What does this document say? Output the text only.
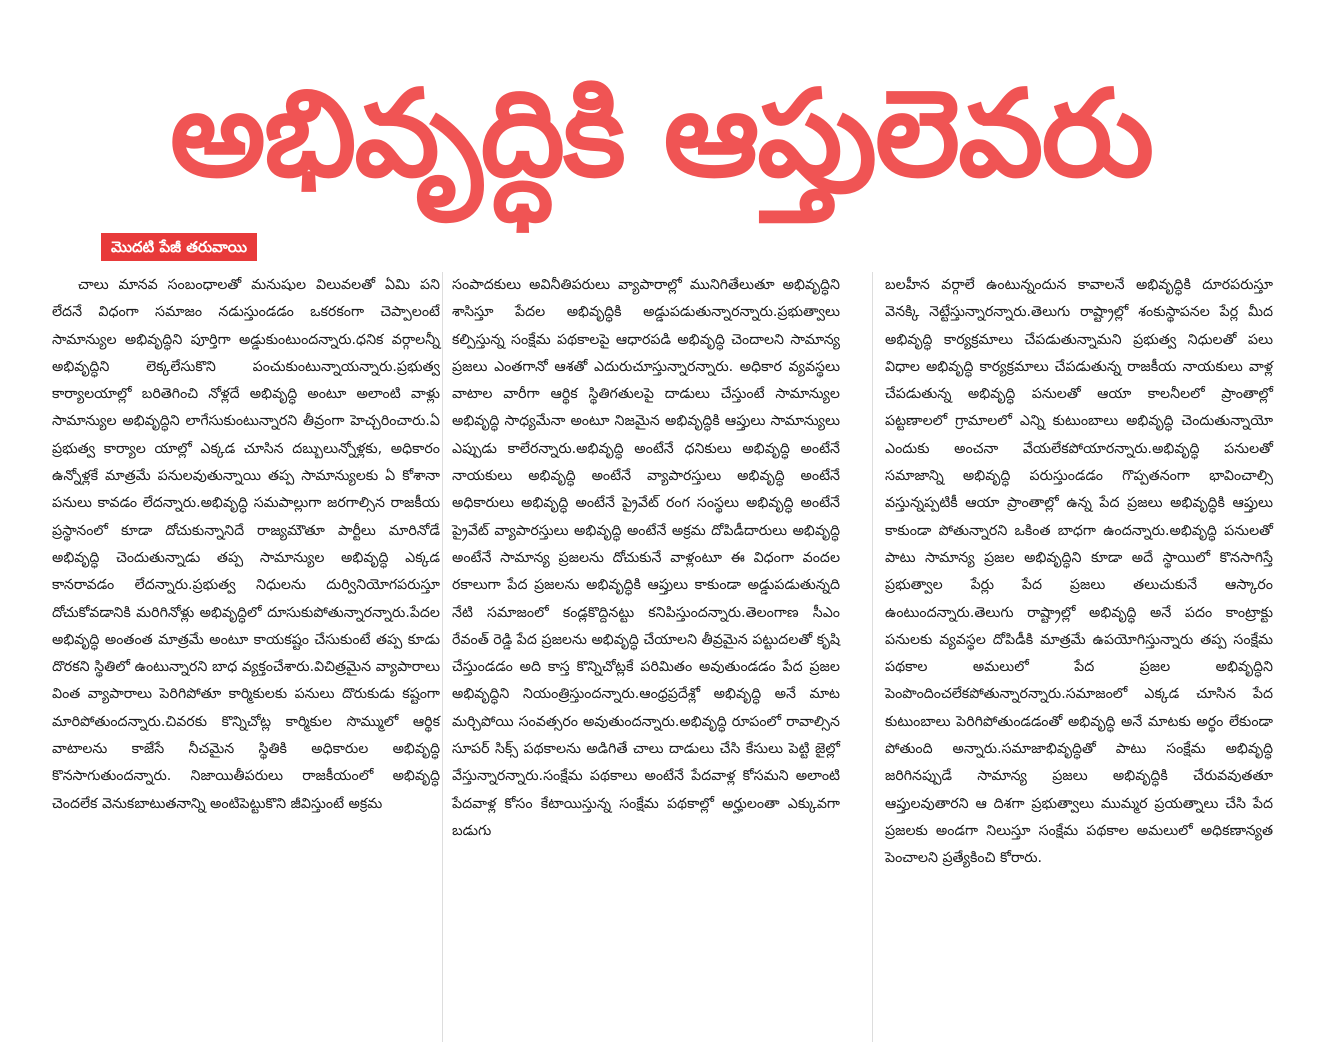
అభివృద్ధికి ఆప్తులెవరు
మొదటి పేజీ తరువాయి

చాలు మానవ సంబంధాలతో మనుషుల విలువలతో ఏమి పని లేదనే విధంగా సమాజం నడుస్తుండడం ఒకరకంగా చెప్పాలంటే సామాన్యుల అభివృద్ధిని పూర్తిగా అడ్డుకుంటుందన్నారు.ధనిక వర్గాలన్నీ అభివృద్ధిని లెక్కలేసుకొని పంచుకుంటున్నాయన్నారు.ప్రభుత్వ కార్యాలయాల్లో బరితెగించి నోళ్లదే అభివృద్ధి అంటూ అలాంటి వాళ్లు సామాన్యుల అభివృద్ధిని లాగేసుకుంటున్నారని తీవ్రంగా హెచ్చరించారు.ఏ ప్రభుత్వ కార్యాల యాల్లో ఎక్కడ చూసిన దబ్బులున్నోళ్లకు, అధికారం ఉన్నోళ్లకే మాత్రమే పనులవుతున్నాయి తప్ప సామాన్యులకు ఏ కోశానా పనులు కావడం లేదన్నారు.అభివృద్ధి సమపాల్లుగా జరగాల్సిన రాజకీయ ప్రస్థానంలో కూడా దోచుకున్నానిదే రాజ్యమౌతూ పార్టీలు మారినోడే అభివృద్ధి చెందుతున్నాడు తప్ప సామాన్యుల అభివృద్ధి ఎక్కడ కానరావడం లేదన్నారు.ప్రభుత్వ నిధులను దుర్వినియోగపరుస్తూ దోచుకోవడానికి మరిగినోళ్లు అభివృద్ధిలో దూసుకుపోతున్నారన్నారు.పేదల అభివృద్ధి అంతంత మాత్రమే అంటూ కాయకష్టం చేసుకుంటే తప్ప కూడు దొరకని స్థితిలో ఉంటున్నారని బాధ వ్యక్తంచేశారు.విచిత్రమైన వ్యాపారాలు వింత వ్యాపారాలు పెరిగిపోతూ కార్మికులకు పనులు దొరుకుడు కష్టంగా మారిపోతుందన్నారు.చివరకు కొన్నిచోట్ల కార్మికుల సొమ్ములో ఆర్థిక వాటాలను కాజేసే నీచమైన స్థితికి అధికారుల అభివృద్ధి కొనసాగుతుందన్నారు. నిజాయితీపరులు రాజకీయంలో అభివృద్ధి చెందలేక వెనుకబాటుతనాన్ని అంటిపెట్టుకొని జీవిస్తుంటే అక్రమ

సంపాదకులు అవినీతిపరులు వ్యాపారాల్లో మునిగితేలుతూ అభివృద్ధిని శాసిస్తూ పేదల అభివృద్ధికి అడ్డుపడుతున్నారన్నారు.ప్రభుత్వాలు కల్పిస్తున్న సంక్షేమ పథకాలపై ఆధారపడి అభివృద్ధి చెందాలని సామాన్య ప్రజలు ఎంతగానో ఆశతో ఎదురుచూస్తున్నారన్నారు. అధికార వ్యవస్థలు వాటాల వారీగా ఆర్థిక స్థితిగతులపై దాడులు చేస్తుంటే సామాన్యుల అభివృద్ధి సాధ్యమేనా అంటూ నిజమైన అభివృద్ధికి ఆప్తులు సామాన్యులు ఎప్పుడు కాలేరన్నారు.అభివృద్ధి అంటేనే ధనికులు అభివృద్ధి అంటేనే నాయకులు అభివృద్ధి అంటేనే వ్యాపారస్తులు అభివృద్ధి అంటేనే అధికారులు అభివృద్ధి అంటేనే ప్రైవేట్ రంగ సంస్థలు అభివృద్ధి అంటేనే ప్రైవేట్ వ్యాపారస్తులు అభివృద్ధి అంటేనే అక్రమ దోపిడీదారులు అభివృద్ధి అంటేనే సామాన్య ప్రజలను దోచుకునే వాళ్లంటూ ఈ విధంగా వందల రకాలుగా పేద ప్రజలను అభివృద్ధికి ఆప్తులు కాకుండా అడ్డుపడుతున్నది నేటి సమాజంలో కండ్లకొద్దినట్టు కనిపిస్తుందన్నారు.తెలంగాణ సీఎం రేవంత్ రెడ్డి పేద ప్రజలను అభివృద్ధి చేయాలని తీవ్రమైన పట్టుదలతో కృషి చేస్తుండడం అది కాస్త కొన్నిచోట్లకే పరిమితం అవుతుండడం పేద ప్రజల అభివృద్ధిని నియంత్రిస్తుందన్నారు.ఆంధ్రప్రదేశ్లో అభివృద్ధి అనే మాట మర్చిపోయి సంవత్సరం అవుతుందన్నారు.అభివృద్ధి రూపంలో రావాల్సిన సూపర్ సిక్స్ పథకాలను అడిగితే చాలు దాడులు చేసి కేసులు పెట్టి జైల్లో వేస్తున్నారన్నారు.సంక్షేమ పథకాలు అంటేనే పేదవాళ్ల కోసమని అలాంటి పేదవాళ్ల కోసం కేటాయిస్తున్న సంక్షేమ పథకాల్లో అర్హులంతా ఎక్కువగా బడుగు

బలహీన వర్గాలే ఉంటున్నందున కావాలనే అభివృద్ధికి దూరపరుస్తూ వెనక్కి నెట్టేస్తున్నారన్నారు.తెలుగు రాష్ట్రాల్లో శంకుస్థాపనల పేర్ల మీద అభివృద్ధి కార్యక్రమాలు చేపడుతున్నామని ప్రభుత్వ నిధులతో పలు విధాల అభివృద్ధి కార్యక్రమాలు చేపడుతున్న రాజకీయ నాయకులు వాళ్ల చేపడుతున్న అభివృద్ధి పనులతో ఆయా కాలనీలలో ప్రాంతాల్లో పట్టణాలలో గ్రామాలలో ఎన్ని కుటుంబాలు అభివృద్ధి చెందుతున్నాయో ఎందుకు అంచనా వేయలేకపోయారన్నారు.అభివృద్ధి పనులతో సమాజాన్ని అభివృద్ధి పరుస్తుండడం గొప్పతనంగా భావించాల్సి వస్తున్నప్పటికీ ఆయా ప్రాంతాల్లో ఉన్న పేద ప్రజలు అభివృద్ధికి ఆప్తులు కాకుండా పోతున్నారని ఒకింత బాధగా ఉందన్నారు.అభివృద్ధి పనులతో పాటు సామాన్య ప్రజల అభివృద్ధిని కూడా అదే స్థాయిలో కొనసాగిస్తే ప్రభుత్వాల పేర్లు పేద ప్రజలు తలుచుకునే ఆస్కారం ఉంటుందన్నారు.తెలుగు రాష్ట్రాల్లో అభివృద్ధి అనే పదం కాంట్రాక్టు పనులకు వ్యవస్థల దోపిడీకి మాత్రమే ఉపయోగిస్తున్నారు తప్ప సంక్షేమ పథకాల అమలులో పేద ప్రజల అభివృద్ధిని పెంపొందించలేకపోతున్నారన్నారు.సమాజంలో ఎక్కడ చూసిన పేద కుటుంబాలు పెరిగిపోతుండడంతో అభివృద్ధి అనే మాటకు అర్థం లేకుండా పోతుంది అన్నారు.సమాజాభివృద్ధితో పాటు సంక్షేమ అభివృద్ధి జరిగినప్పుడే సామాన్య ప్రజలు అభివృద్ధికి చేరువవుతతూ ఆప్తులవుతారని ఆ దిశగా ప్రభుత్వాలు ముమ్మర ప్రయత్నాలు చేసి పేద ప్రజలకు అండగా నిలుస్తూ సంక్షేమ పథకాల అమలులో అధికణాన్యత పెంచాలని ప్రత్యేకించి కోరారు.
